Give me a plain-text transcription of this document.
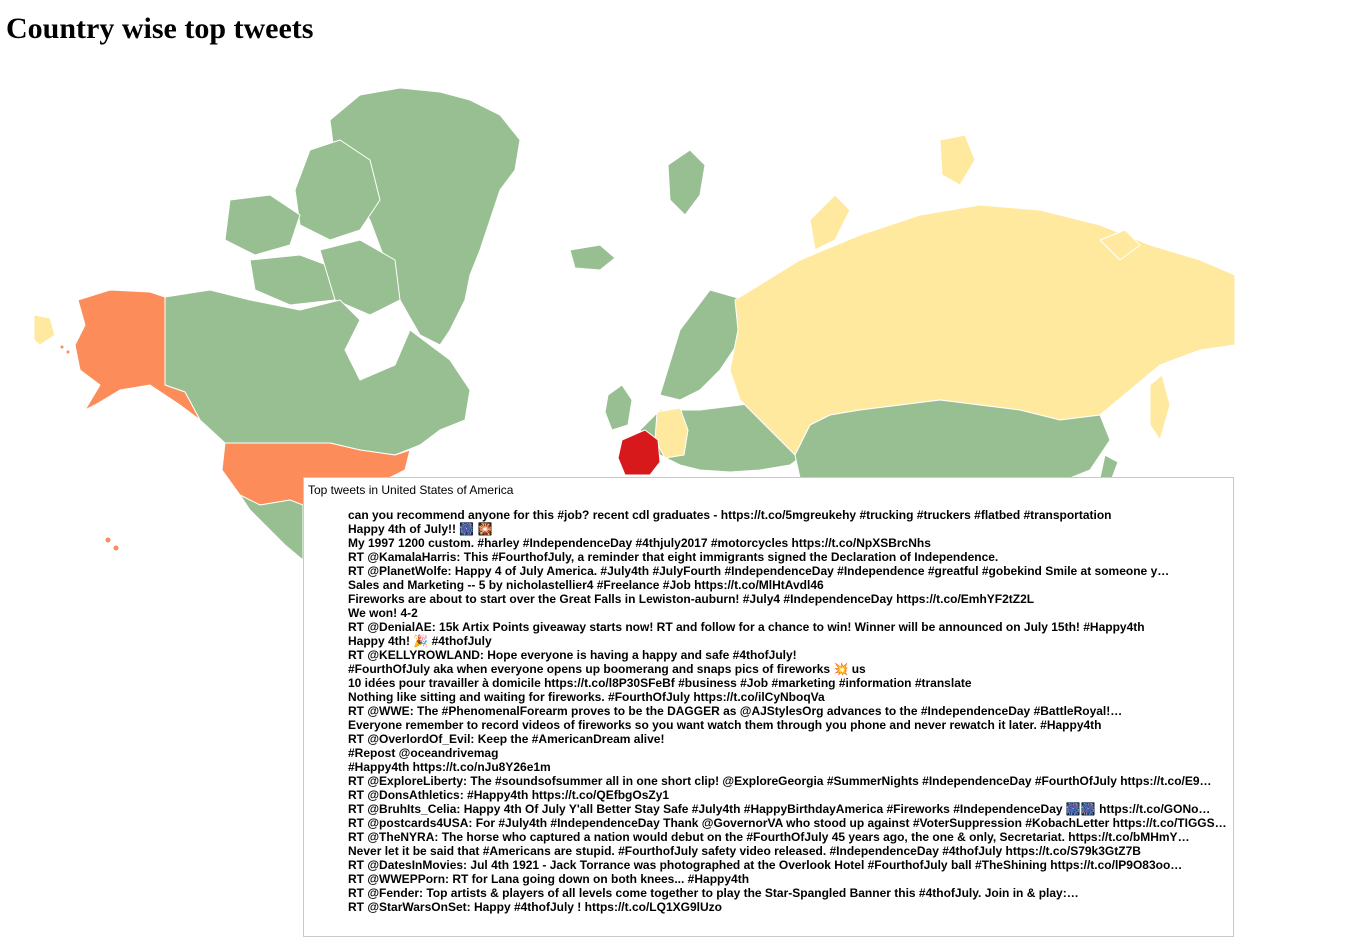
Country wise top tweets
Top tweets in United States of America
• can you recommend anyone for this #job? recent cdl graduates - https://t.co/5mgreukehy #trucking #truckers #flatbed #transportation
• Happy 4th of July!! 🎆 🎇
• My 1997 1200 custom. #harley #IndependenceDay #4thjuly2017 #motorcycles https://t.co/NpXSBrcNhs
• RT @KamalaHarris: This #FourthofJuly, a reminder that eight immigrants signed the Declaration of Independence.
• RT @PlanetWolfe: Happy 4 of July America. #July4th #JulyFourth #IndependenceDay #Independence #greatful #gobekind Smile at someone y…
• Sales and Marketing -- 5 by nicholastellier4 #Freelance #Job https://t.co/MlHtAvdl46
• Fireworks are about to start over the Great Falls in Lewiston-auburn! #July4 #IndependenceDay https://t.co/EmhYF2tZ2L
• We won! 4-2
• RT @DenialAE: 15k Artix Points giveaway starts now! RT and follow for a chance to win! Winner will be announced on July 15th! #Happy4th
• Happy 4th! 🎉 #4thofJuly
• RT @KELLYROWLAND: Hope everyone is having a happy and safe #4thofJuly!
• #FourthOfJuly aka when everyone opens up boomerang and snaps pics of fireworks 💥 us
• 10 idées pour travailler à domicile https://t.co/l8P30SFeBf #business #Job #marketing #information #translate
• Nothing like sitting and waiting for fireworks. #FourthOfJuly https://t.co/ilCyNboqVa
• RT @WWE: The #PhenomenalForearm proves to be the DAGGER as @AJStylesOrg advances to the #IndependenceDay #BattleRoyal!…
• Everyone remember to record videos of fireworks so you want watch them through you phone and never rewatch it later. #Happy4th
• RT @OverlordOf_Evil: Keep the #AmericanDream alive!
• #Repost @oceandrivemag
• #Happy4th https://t.co/nJu8Y26e1m
• RT @ExploreLiberty: The #soundsofsummer all in one short clip! @ExploreGeorgia #SummerNights #IndependenceDay #FourthOfJuly https://t.co/E9…
• RT @DonsAthletics: #Happy4th https://t.co/QEfbgOsZy1
• RT @BruhIts_Celia: Happy 4th Of July Y'all Better Stay Safe #July4th #HappyBirthdayAmerica #Fireworks #IndependenceDay 🎆🎆 https://t.co/GONo…
• RT @postcards4USA: For #July4th #IndependenceDay Thank @GovernorVA who stood up against #VoterSuppression #KobachLetter https://t.co/TIGGS…
• RT @TheNYRA: The horse who captured a nation would debut on the #FourthOfJuly 45 years ago, the one & only, Secretariat. https://t.co/bMHmY…
• Never let it be said that #Americans are stupid. #FourthofJuly safety video released. #IndependenceDay #4thofJuly https://t.co/S79k3GtZ7B
• RT @DatesInMovies: Jul 4th 1921 - Jack Torrance was photographed at the Overlook Hotel #FourthofJuly ball #TheShining https://t.co/lP9O83oo…
• RT @WWEPPorn: RT for Lana going down on both knees... #Happy4th
• RT @Fender: Top artists & players of all levels come together to play the Star-Spangled Banner this #4thofJuly. Join in & play:…
• RT @StarWarsOnSet: Happy #4thofJuly ! https://t.co/LQ1XG9lUzo
